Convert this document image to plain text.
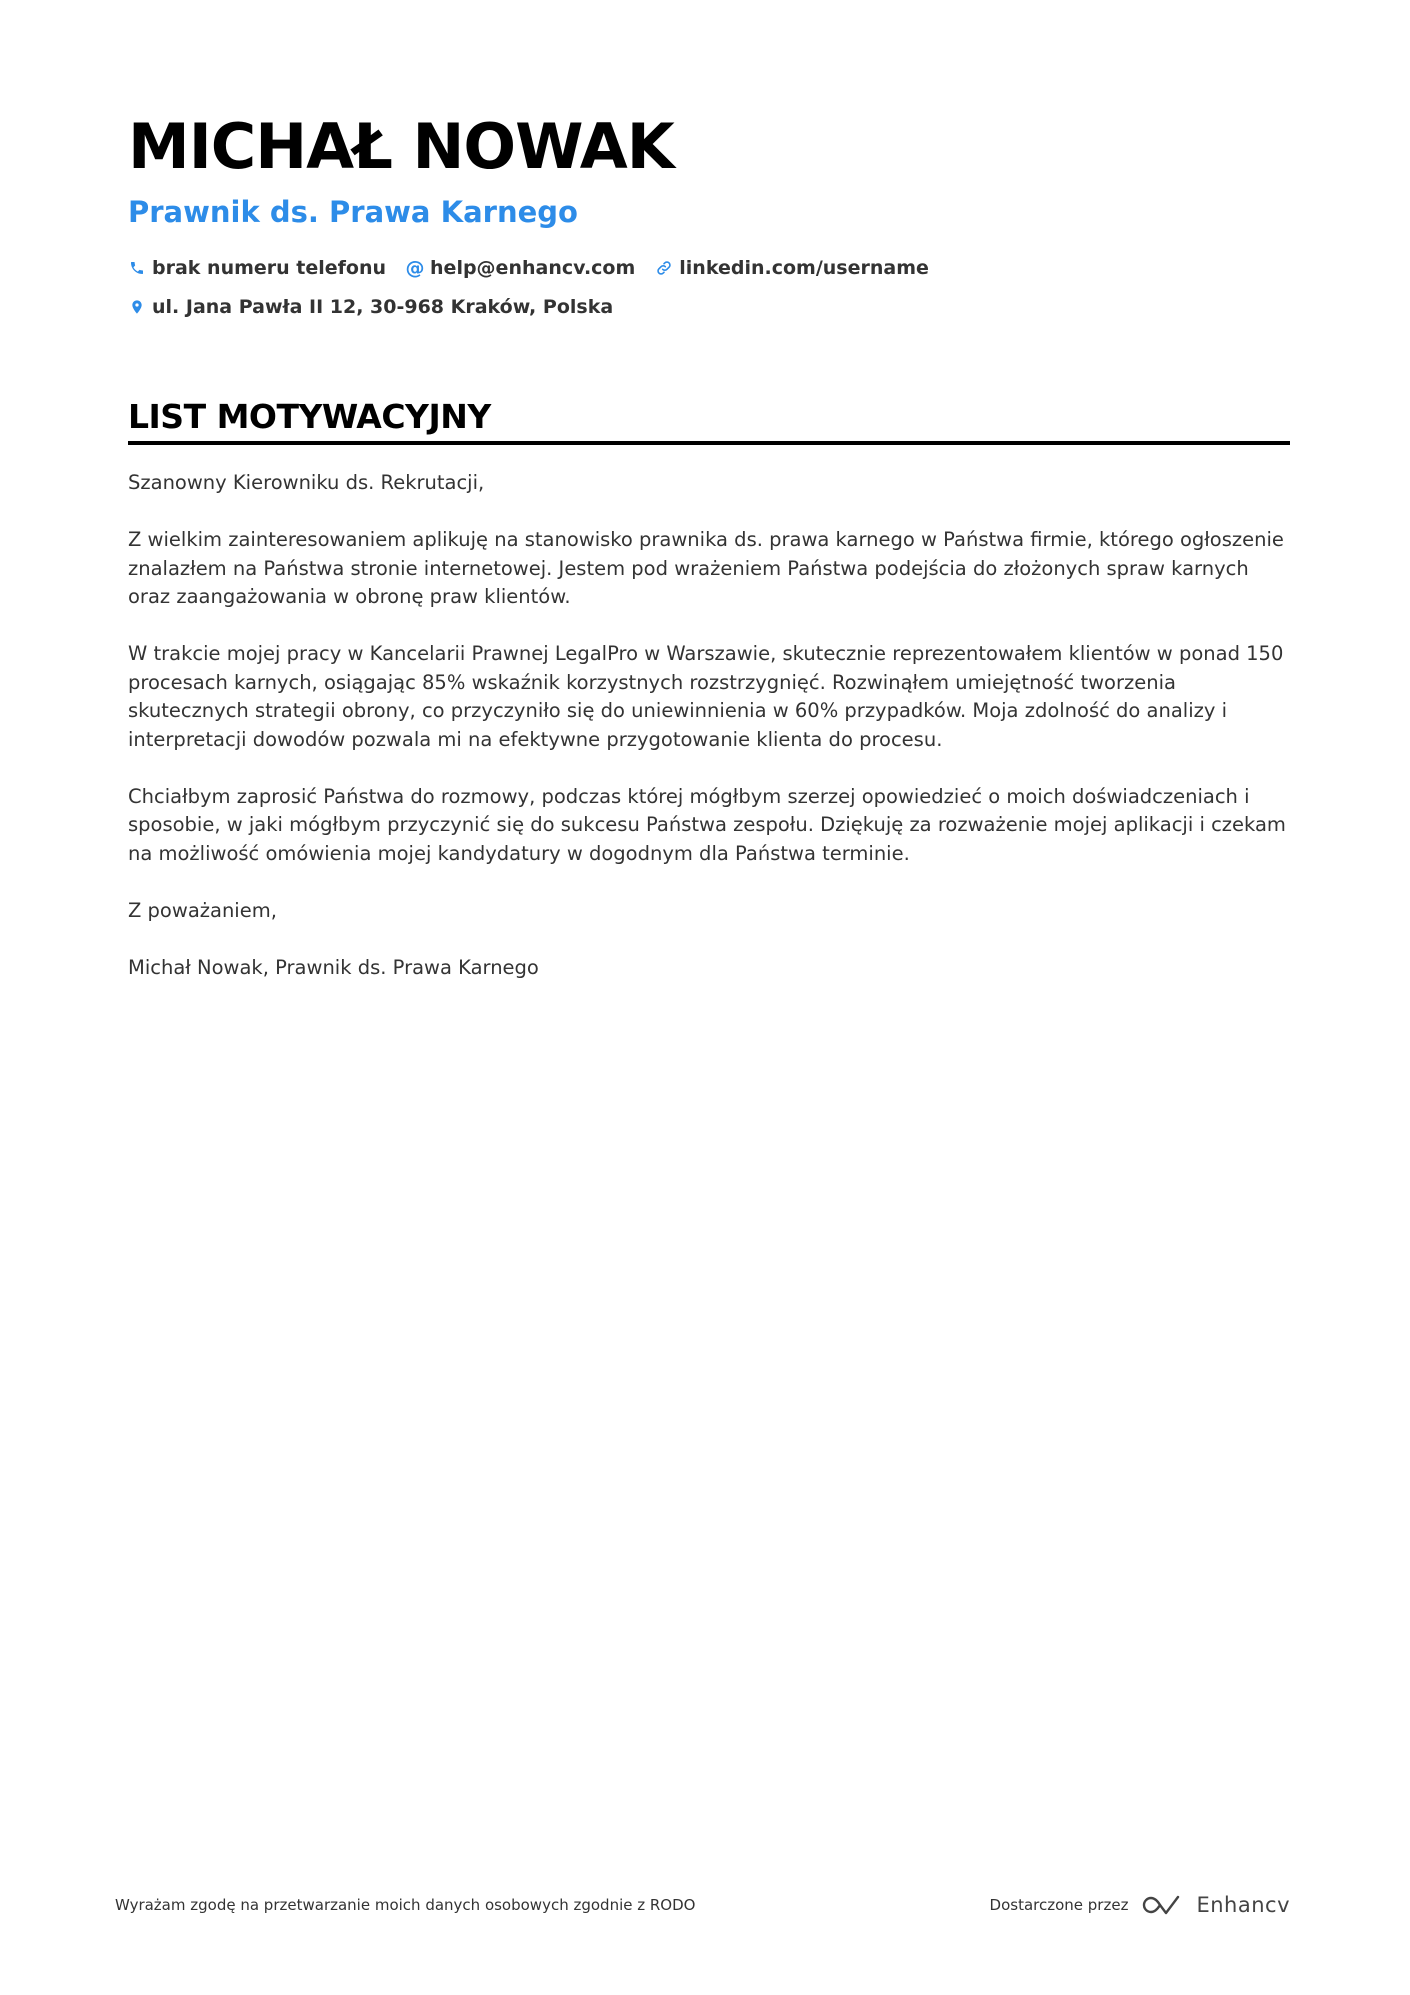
MICHAŁ NOWAK
Prawnik ds. Prawa Karnego
brak numeru telefonu @ help@enhancv.com linkedin.com/username
ul. Jana Pawła II 12, 30-968 Kraków, Polska
LIST MOTYWACYJNY

Szanowny Kierowniku ds. Rekrutacji,

Z wielkim zainteresowaniem aplikuję na stanowisko prawnika ds. prawa karnego w Państwa firmie, którego ogłoszenie znalazłem na Państwa stronie internetowej. Jestem pod wrażeniem Państwa podejścia do złożonych spraw karnych oraz zaangażowania w obronę praw klientów.

W trakcie mojej pracy w Kancelarii Prawnej LegalPro w Warszawie, skutecznie reprezentowałem klientów w ponad 150 procesach karnych, osiągając 85% wskaźnik korzystnych rozstrzygnięć. Rozwinąłem umiejętność tworzenia skutecznych strategii obrony, co przyczyniło się do uniewinnienia w 60% przypadków. Moja zdolność do analizy i interpretacji dowodów pozwala mi na efektywne przygotowanie klienta do procesu.

Chciałbym zaprosić Państwa do rozmowy, podczas której mógłbym szerzej opowiedzieć o moich doświadczeniach i sposobie, w jaki mógłbym przyczynić się do sukcesu Państwa zespołu. Dziękuję za rozważenie mojej aplikacji i czekam na możliwość omówienia mojej kandydatury w dogodnym dla Państwa terminie.

Z poważaniem,

Michał Nowak, Prawnik ds. Prawa Karnego

Wyrażam zgodę na przetwarzanie moich danych osobowych zgodnie z RODO	Dostarczone przez	Enhancv
